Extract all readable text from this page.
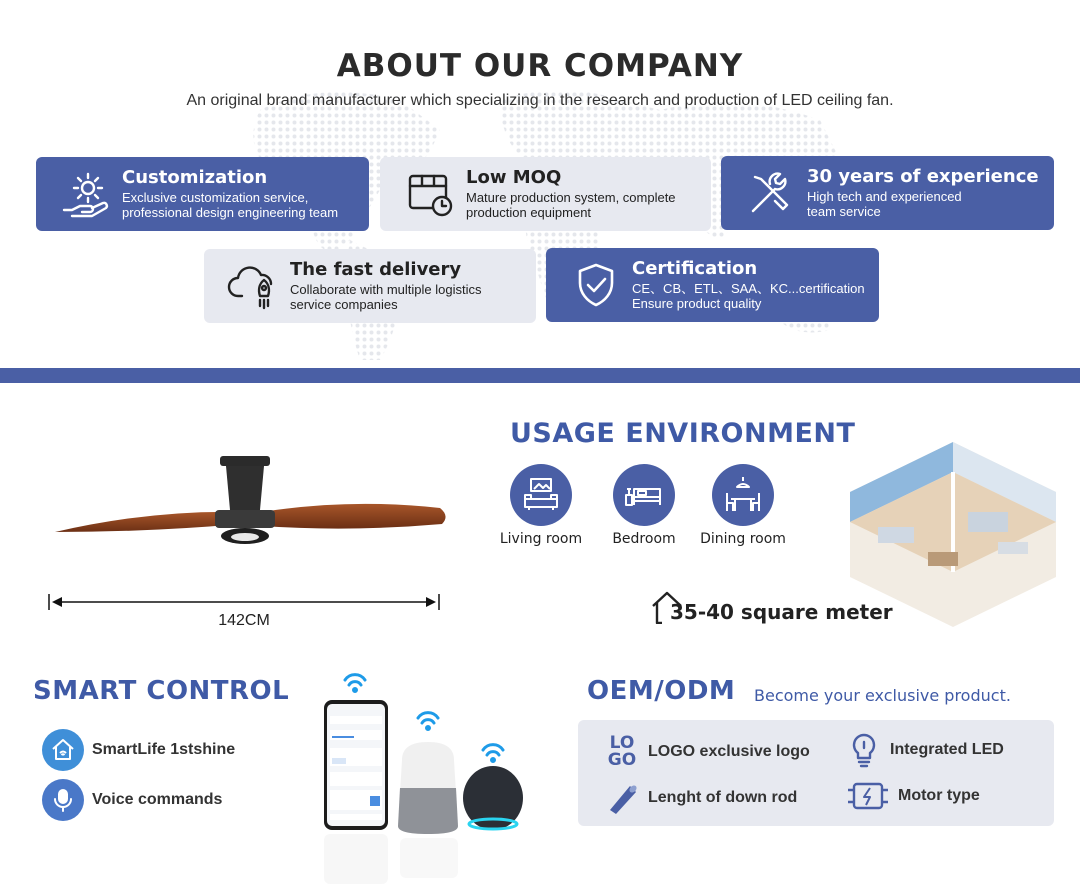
ABOUT OUR COMPANY
An original brand manufacturer which specializing in the research and production of LED ceiling fan.
Customization
Exclusive customization service,
professional design engineering team
Low MOQ
Mature production system, complete
production equipment
30 years of experience
High tech and experienced
team service
The fast delivery
Collaborate with multiple logistics
service companies
Certification
CE、CB、ETL、SAA、KC...certification
Ensure product quality
142CM
USAGE ENVIRONMENT
Living room	Bedroom	Dining room
35-40 square meter
SMART CONTROL
SmartLife 1stshine
Voice commands
OEM/ODM Become your exclusive product.
LO
GO LOGO exclusive logo	Integrated LED
Lenght of down rod	Motor type
